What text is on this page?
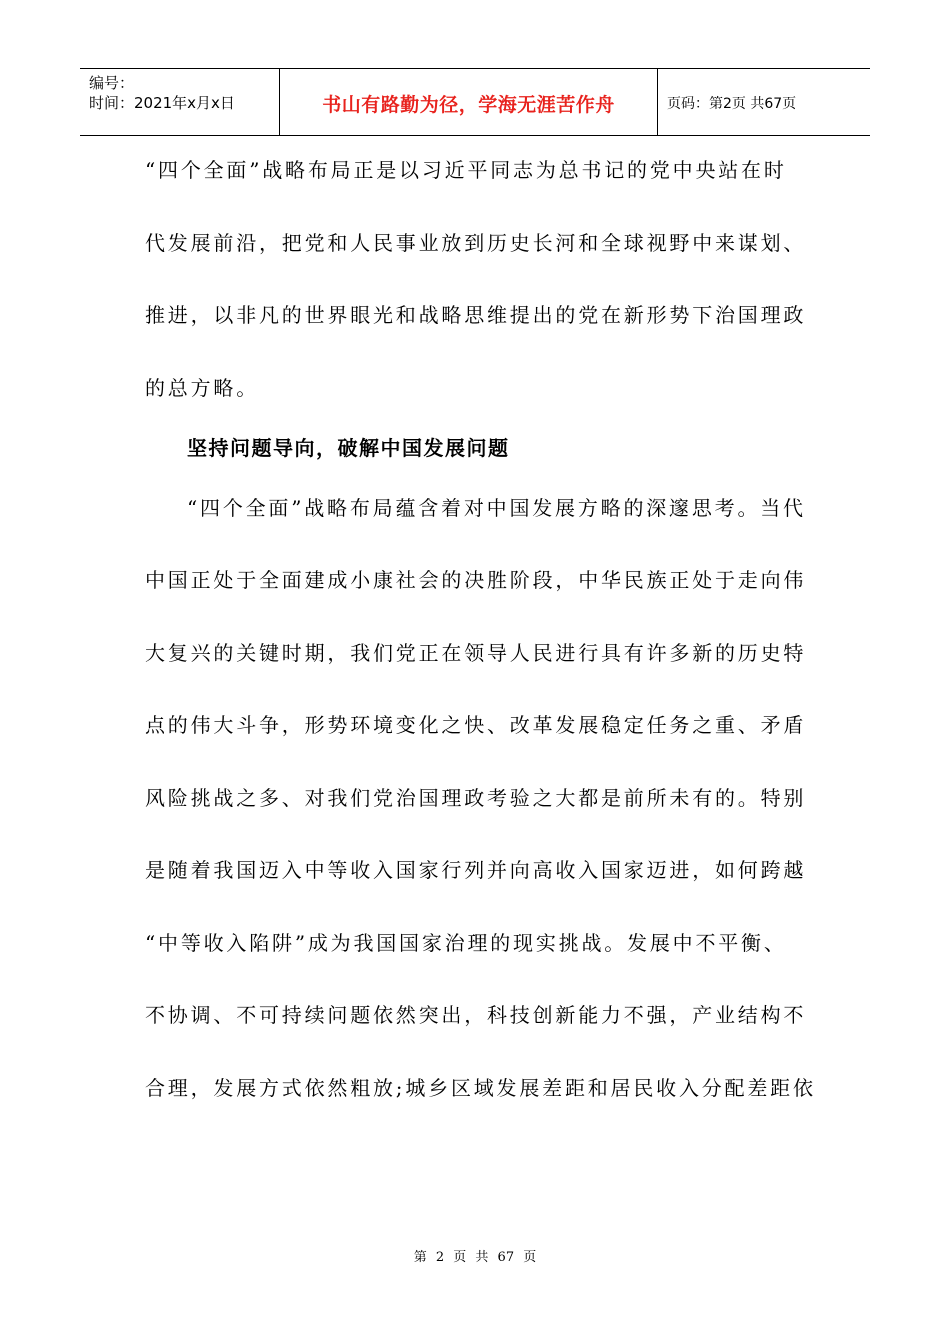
编号：
时间：2021年x月x日	书山有路勤为径，学海无涯苦作舟	页码：第2页 共67页
“四个全面”战略布局正是以习近平同志为总书记的党中央站在时
代发展前沿，把党和人民事业放到历史长河和全球视野中来谋划、
推进，以非凡的世界眼光和战略思维提出的党在新形势下治国理政
的总方略。
坚持问题导向，破解中国发展问题
“四个全面”战略布局蕴含着对中国发展方略的深邃思考。当代
中国正处于全面建成小康社会的决胜阶段，中华民族正处于走向伟
大复兴的关键时期，我们党正在领导人民进行具有许多新的历史特
点的伟大斗争，形势环境变化之快、改革发展稳定任务之重、矛盾
风险挑战之多、对我们党治国理政考验之大都是前所未有的。特别
是随着我国迈入中等收入国家行列并向高收入国家迈进，如何跨越
“中等收入陷阱”成为我国国家治理的现实挑战。发展中不平衡、
不协调、不可持续问题依然突出，科技创新能力不强，产业结构不
合理，发展方式依然粗放;城乡区域发展差距和居民收入分配差距依
第 2 页 共 67 页
